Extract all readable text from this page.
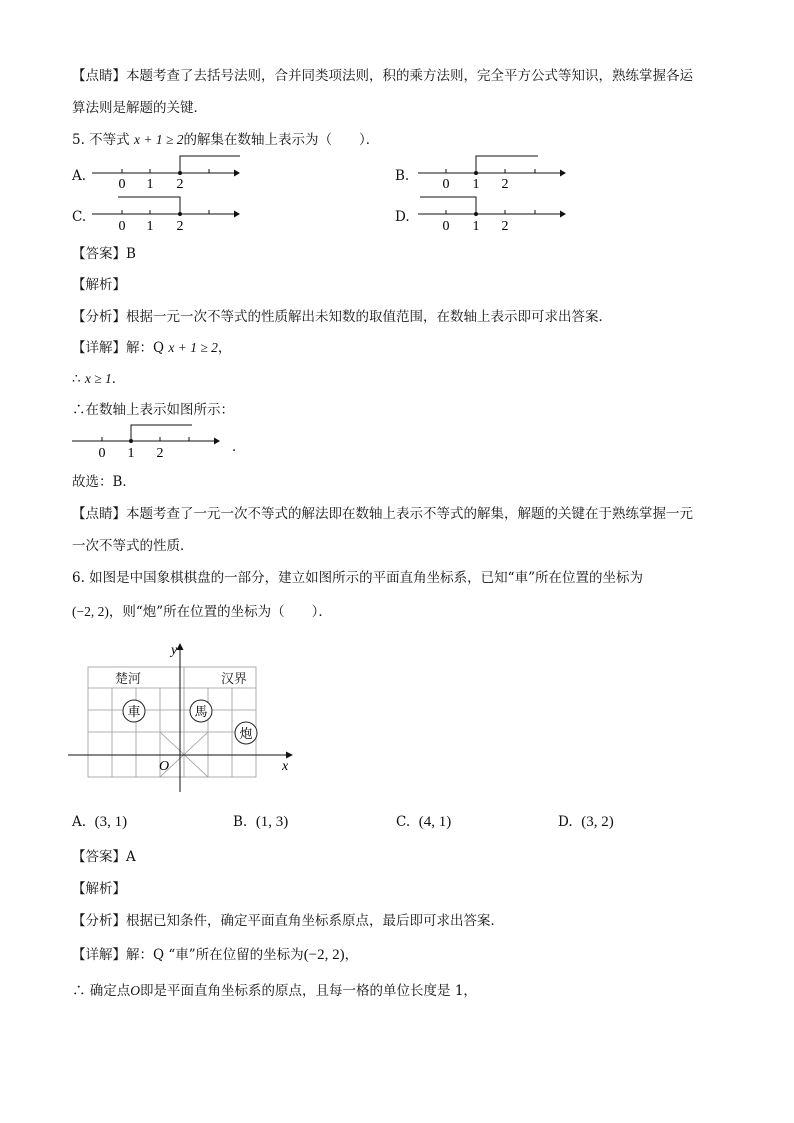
【点睛】本题考查了去括号法则，合并同类项法则，积的乘方法则，完全平方公式等知识，熟练掌握各运
算法则是解题的关键．
5. 不等式 x + 1 ≥ 2的解集在数轴上表示为（　　）．
A.	B.
C.	D.
0 1 2	0 1 2
0 1 2	0 1 2
【答案】B
【解析】
【分析】根据一元一次不等式的性质解出未知数的取值范围，在数轴上表示即可求出答案．
【详解】解：Q x + 1 ≥ 2，
∴ x ≥ 1．
∴在数轴上表示如图所示：
0 1 2	．
故选：B．
【点睛】本题考查了一元一次不等式的解法即在数轴上表示不等式的解集，解题的关键在于熟练掌握一元
一次不等式的性质．
6. 如图是中国象棋棋盘的一部分，建立如图所示的平面直角坐标系，已知“車”所在位置的坐标为
(−2, 2)，则“炮”所在位置的坐标为（　　）．
y
x
O
楚河	汉界
車	馬
炮
A. (3, 1)	B. (1, 3)	C. (4, 1)	D. (3, 2)
【答案】A
【解析】
【分析】根据已知条件，确定平面直角坐标系原点，最后即可求出答案．
【详解】解：Q “車”所在位留的坐标为(−2, 2)，
∴ 确定点O即是平面直角坐标系的原点，且每一格的单位长度是 1，
